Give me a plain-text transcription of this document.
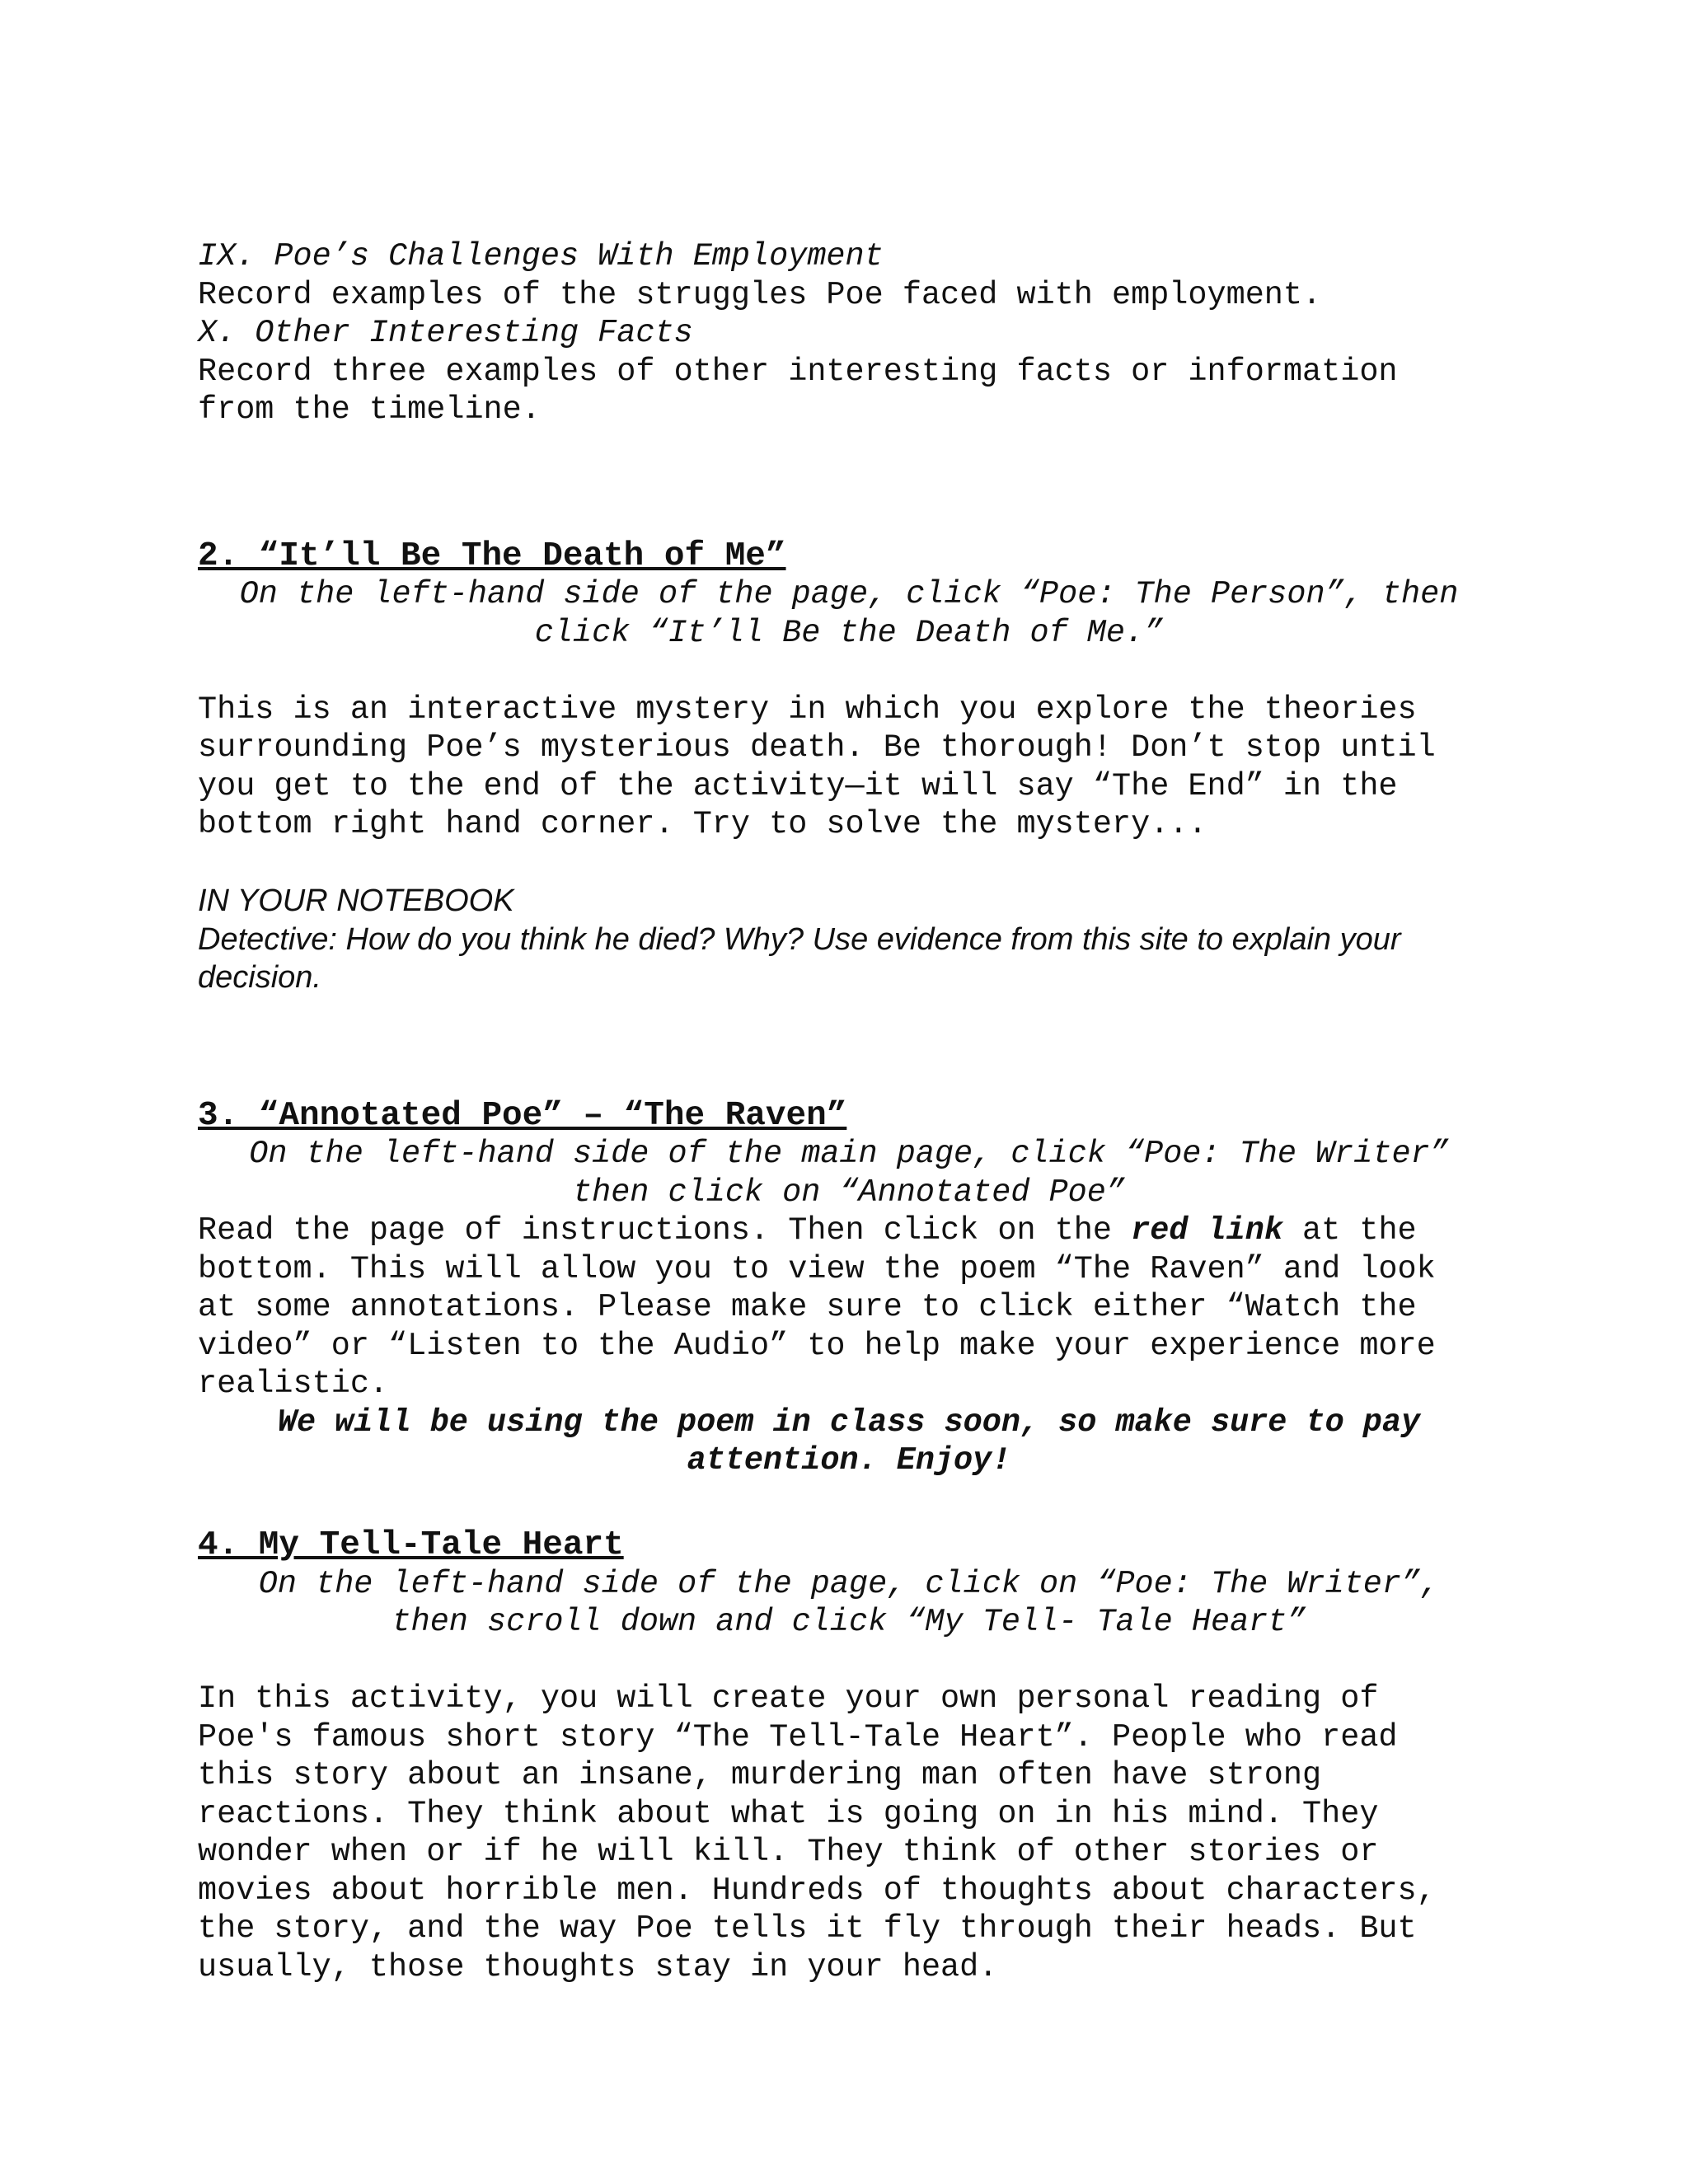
IX. Poe’s Challenges With Employment
Record examples of the struggles Poe faced with employment.
X. Other Interesting Facts
Record three examples of other interesting facts or information
from the timeline.
2. “It’ll Be The Death of Me”
On the left-hand side of the page, click “Poe: The Person”, then
click “It’ll Be the Death of Me.”
This is an interactive mystery in which you explore the theories
surrounding Poe’s mysterious death. Be thorough! Don’t stop until
you get to the end of the activity—it will say “The End” in the
bottom right hand corner. Try to solve the mystery...
IN YOUR NOTEBOOK
Detective: How do you think he died? Why? Use evidence from this site to explain your
decision.
3. “Annotated Poe” – “The Raven”
On the left-hand side of the main page, click “Poe: The Writer”
then click on “Annotated Poe”
Read the page of instructions. Then click on the red link at the
bottom. This will allow you to view the poem “The Raven” and look
at some annotations. Please make sure to click either “Watch the
video” or “Listen to the Audio” to help make your experience more
realistic.
We will be using the poem in class soon, so make sure to pay
attention. Enjoy!
4. My Tell-Tale Heart
On the left-hand side of the page, click on “Poe: The Writer”,
then scroll down and click “My Tell- Tale Heart”
In this activity, you will create your own personal reading of
Poe's famous short story “The Tell-Tale Heart”. People who read
this story about an insane, murdering man often have strong
reactions. They think about what is going on in his mind. They
wonder when or if he will kill. They think of other stories or
movies about horrible men. Hundreds of thoughts about characters,
the story, and the way Poe tells it fly through their heads. But
usually, those thoughts stay in your head.
